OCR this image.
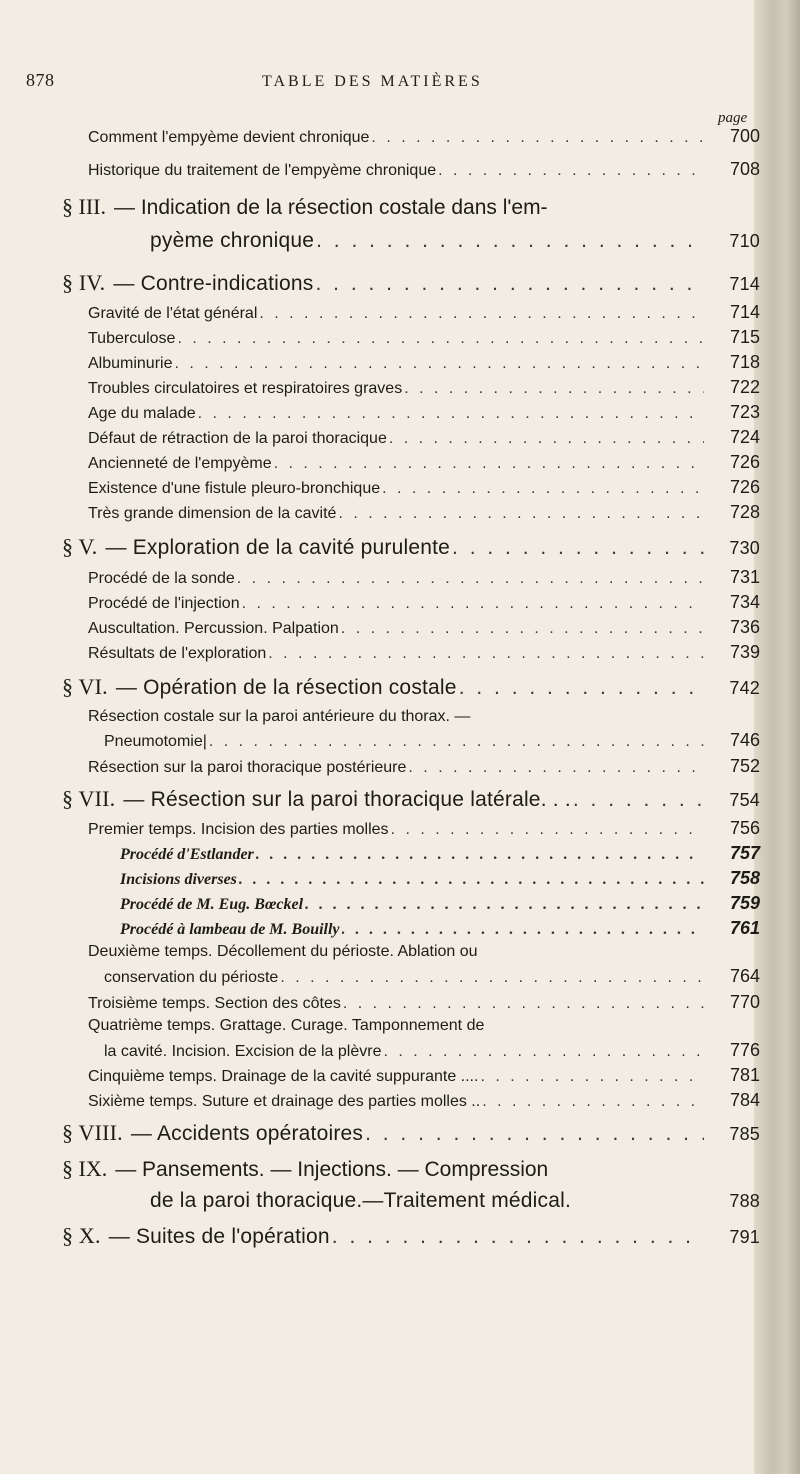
878	TABLE DES MATIÈRES
page
Comment l'empyème devient chronique . . .	700
Historique du traitement de l'empyème chronique . . .	708
§ III. — Indication de la résection costale dans l'em-
pyème chronique . . .	710
§ IV. — Contre-indications . . .	714
Gravité de l'état général . . .	714
Tuberculose . . .	715
Albuminurie . . .	718
Troubles circulatoires et respiratoires graves . . .	722
Age du malade . . .	723
Défaut de rétraction de la paroi thoracique . . .	724
Ancienneté de l'empyème . . .	726
Existence d'une fistule pleuro-bronchique . . .	726
Très grande dimension de la cavité . . .	728
§ V. — Exploration de la cavité purulente . . .	730
Procédé de la sonde . . .	731
Procédé de l'injection . . .	734
Auscultation. Percussion. Palpation . . .	736
Résultats de l'exploration . . .	739
§ VI. — Opération de la résection costale . . .	742
Résection costale sur la paroi antérieure du thorax. —
Pneumotomie| . . .	746
Résection sur la paroi thoracique postérieure . . .	752
§ VII. — Résection sur la paroi thoracique latérale. . . . . .	754
Premier temps. Incision des parties molles . . .	756
Procédé d'Estlander . . .	757
Incisions diverses . . .	758
Procédé de M. Eug. Bœckel . . .	759
Procédé à lambeau de M. Bouilly . . .	761
Deuxième temps. Décollement du périoste. Ablation ou
conservation du périoste . . .	764
Troisième temps. Section des côtes . . .	770
Quatrième temps. Grattage. Curage. Tamponnement de
la cavité. Incision. Excision de la plèvre . . .	776
Cinquième temps. Drainage de la cavité suppurante .... . . .	781
Sixième temps. Suture et drainage des parties molles .. . . .	784
§ VIII. — Accidents opératoires . . .	785
§ IX. — Pansements. — Injections. — Compression
de la paroi thoracique.—Traitement médical.	788
§ X. — Suites de l'opération . . .	791
